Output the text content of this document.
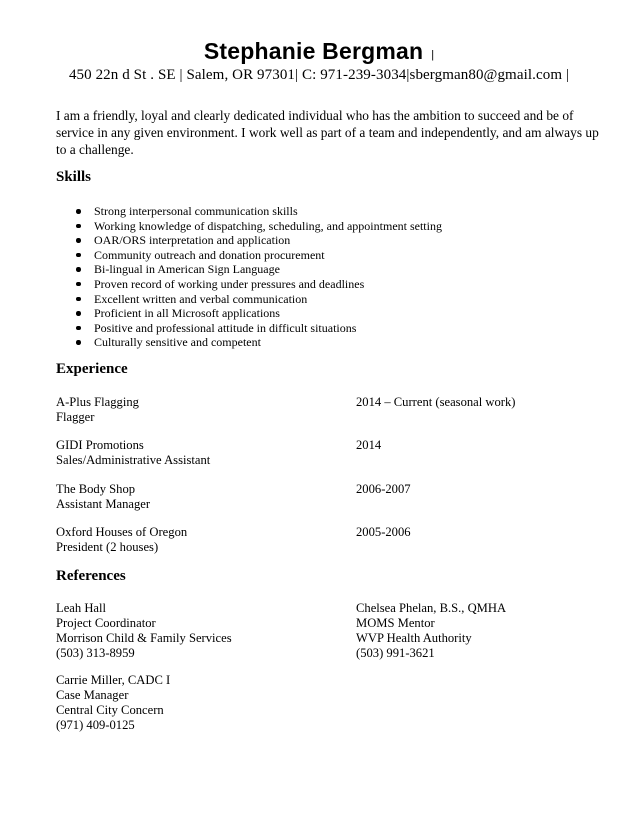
Stephanie Bergman |
450 22n d St . SE | Salem, OR 97301| C: 971-239-3034|sbergman80@gmail.com |
I am a friendly, loyal and clearly dedicated individual who has the ambition to succeed and be of service in any given environment. I work well as part of a team and independently, and am always up to a challenge.
Skills
Strong interpersonal communication skills
Working knowledge of dispatching, scheduling, and appointment setting
OAR/ORS interpretation and application
Community outreach and donation procurement
Bi-lingual in American Sign Language
Proven record of working under pressures and deadlines
Excellent written and verbal communication
Proficient in all Microsoft applications
Positive and professional attitude in difficult situations
Culturally sensitive and competent
Experience
A-Plus Flagging
Flagger
2014 – Current (seasonal work)
GIDI Promotions
Sales/Administrative Assistant
2014
The Body Shop
Assistant Manager
2006-2007
Oxford Houses of Oregon
President (2 houses)
2005-2006
References
Leah Hall
Project Coordinator
Morrison Child & Family Services
(503) 313-8959
Chelsea Phelan, B.S., QMHA
MOMS Mentor
WVP Health Authority
(503) 991-3621
Carrie Miller, CADC I
Case Manager
Central City Concern
(971) 409-0125
